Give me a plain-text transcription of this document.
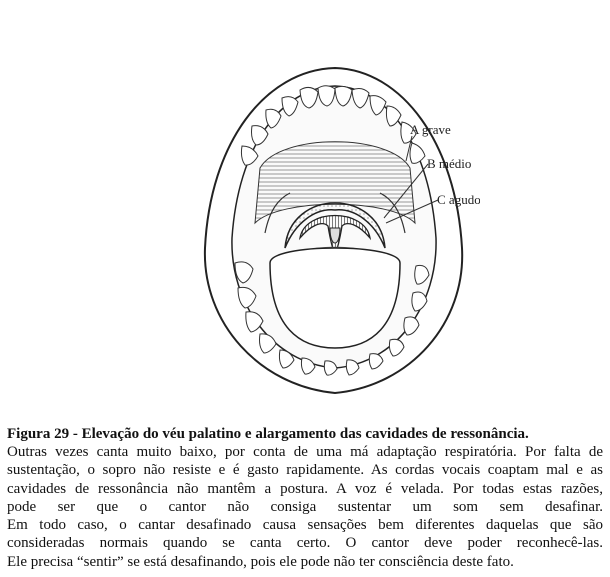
A grave
B médio
C agudo
Figura 29 - Elevação do véu palatino e alargamento das cavidades de ressonância.
Outras vezes canta muito baixo, por conta de uma má adaptação respiratória. Por falta de
sustentação, o sopro não resiste e é gasto rapidamente. As cordas vocais coaptam mal e as
cavidades de ressonância não mantêm a postura. A voz é velada. Por todas estas razões,
pode ser que o cantor não consiga sustentar um som sem desafinar.
Em todo caso, o cantar desafinado causa sensações bem diferentes daquelas que são
consideradas normais quando se canta certo. O cantor deve poder reconhecê-las.
Ele precisa “sentir” se está desafinando, pois ele pode não ter consciência deste fato.
